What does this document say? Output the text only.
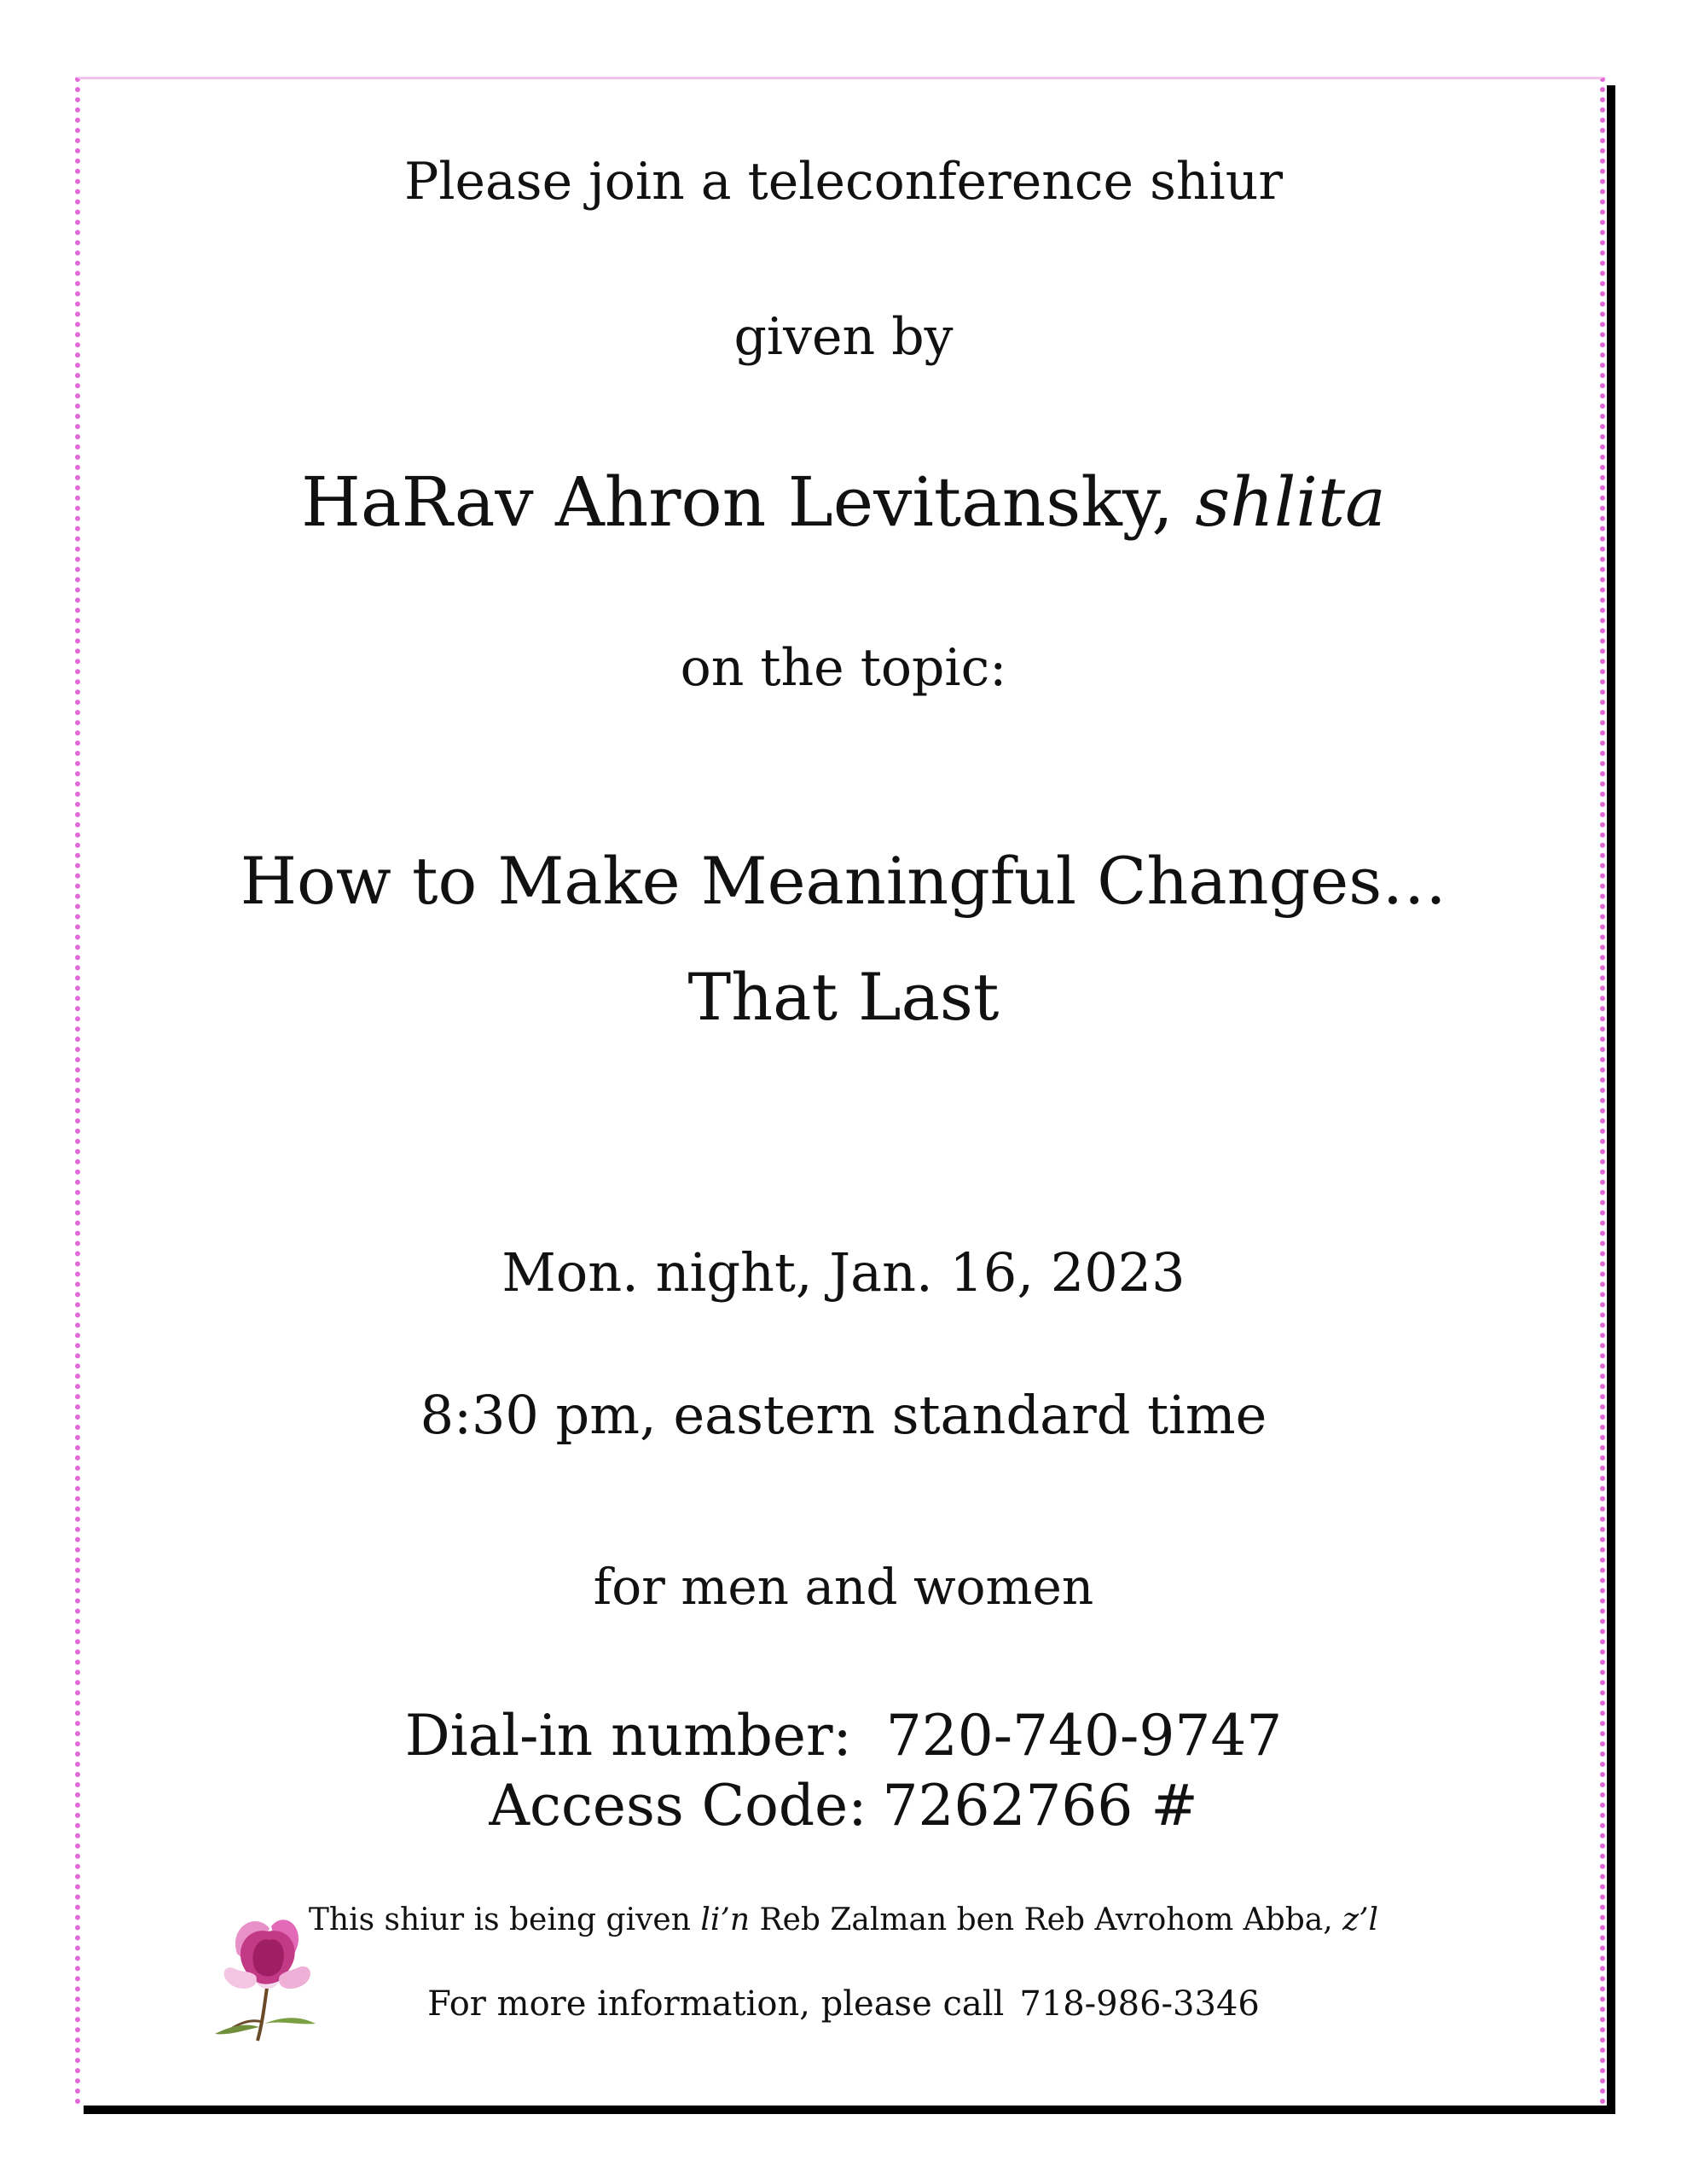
Please join a teleconference shiur
given by
HaRav Ahron Levitansky, shlita
on the topic:
How to Make Meaningful Changes…
That Last
Mon. night, Jan. 16, 2023
8:30 pm, eastern standard time
for men and women
Dial-in number: 720-740-9747
Access Code: 7262766 #
This shiur is being given li’n Reb Zalman ben Reb Avrohom Abba, z’l
For more information, please call 718-986-3346
